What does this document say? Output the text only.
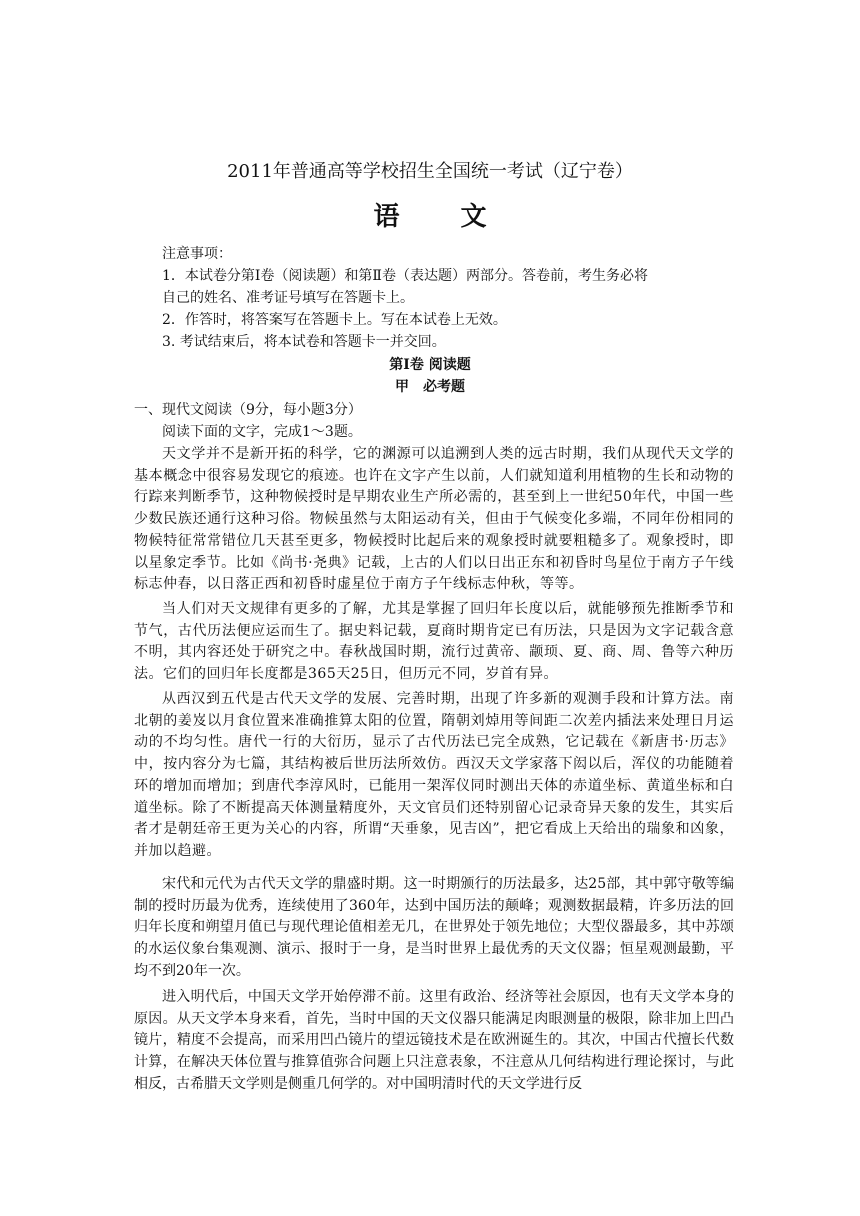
2011年普通高等学校招生全国统一考试（辽宁卷）
语 文
注意事项：
1．本试卷分第Ⅰ卷（阅读题）和第Ⅱ卷（表达题）两部分。答卷前，考生务必将
自己的姓名、准考证号填写在答题卡上。
2．作答时，将答案写在答题卡上。写在本试卷上无效。
3. 考试结束后，将本试卷和答题卡一并交回。
第Ⅰ卷 阅读题
甲　必考题
一、现代文阅读（9分，每小题3分）
阅读下面的文字，完成1～3题。
天文学并不是新开拓的科学，它的渊源可以追溯到人类的远古时期，我们从现代天文学的基本概念中很容易发现它的痕迹。也许在文字产生以前，人们就知道利用植物的生长和动物的行踪来判断季节，这种物候授时是早期农业生产所必需的，甚至到上一世纪50年代，中国一些少数民族还通行这种习俗。物候虽然与太阳运动有关，但由于气候变化多端，不同年份相同的物候特征常常错位几天甚至更多，物候授时比起后来的观象授时就要粗糙多了。观象授时，即以星象定季节。比如《尚书·尧典》记载，上古的人们以日出正东和初昏时鸟星位于南方子午线标志仲春，以日落正西和初昏时虚星位于南方子午线标志仲秋，等等。
当人们对天文规律有更多的了解，尤其是掌握了回归年长度以后，就能够预先推断季节和节气，古代历法便应运而生了。据史料记载，夏商时期肯定已有历法，只是因为文字记载含意不明，其内容还处于研究之中。春秋战国时期，流行过黄帝、颛顼、夏、商、周、鲁等六种历法。它们的回归年长度都是365天25日，但历元不同，岁首有异。
从西汉到五代是古代天文学的发展、完善时期，出现了许多新的观测手段和计算方法。南北朝的姜岌以月食位置来准确推算太阳的位置，隋朝刘焯用等间距二次差内插法来处理日月运动的不均匀性。唐代一行的大衍历，显示了古代历法已完全成熟，它记载在《新唐书·历志》中，按内容分为七篇，其结构被后世历法所效仿。西汉天文学家落下闳以后，浑仪的功能随着环的增加而增加；到唐代李淳风时，已能用一架浑仪同时测出天体的赤道坐标、黄道坐标和白道坐标。除了不断提高天体测量精度外，天文官员们还特别留心记录奇异天象的发生，其实后者才是朝廷帝王更为关心的内容，所谓“天垂象，见吉凶”，把它看成上天给出的瑞象和凶象，并加以趋避。
宋代和元代为古代天文学的鼎盛时期。这一时期颁行的历法最多，达25部，其中郭守敬等编制的授时历最为优秀，连续使用了360年，达到中国历法的颠峰；观测数据最精，许多历法的回归年长度和朔望月值已与现代理论值相差无几，在世界处于领先地位；大型仪器最多，其中苏颂的水运仪象台集观测、演示、报时于一身，是当时世界上最优秀的天文仪器；恒星观测最勤，平均不到20年一次。
进入明代后，中国天文学开始停滞不前。这里有政治、经济等社会原因，也有天文学本身的原因。从天文学本身来看，首先，当时中国的天文仪器只能满足肉眼测量的极限，除非加上凹凸镜片，精度不会提高，而采用凹凸镜片的望远镜技术是在欧洲诞生的。其次，中国古代擅长代数计算，在解决天体位置与推算值弥合问题上只注意表象，不注意从几何结构进行理论探讨，与此相反，古希腊天文学则是侧重几何学的。对中国明清时代的天文学进行反
